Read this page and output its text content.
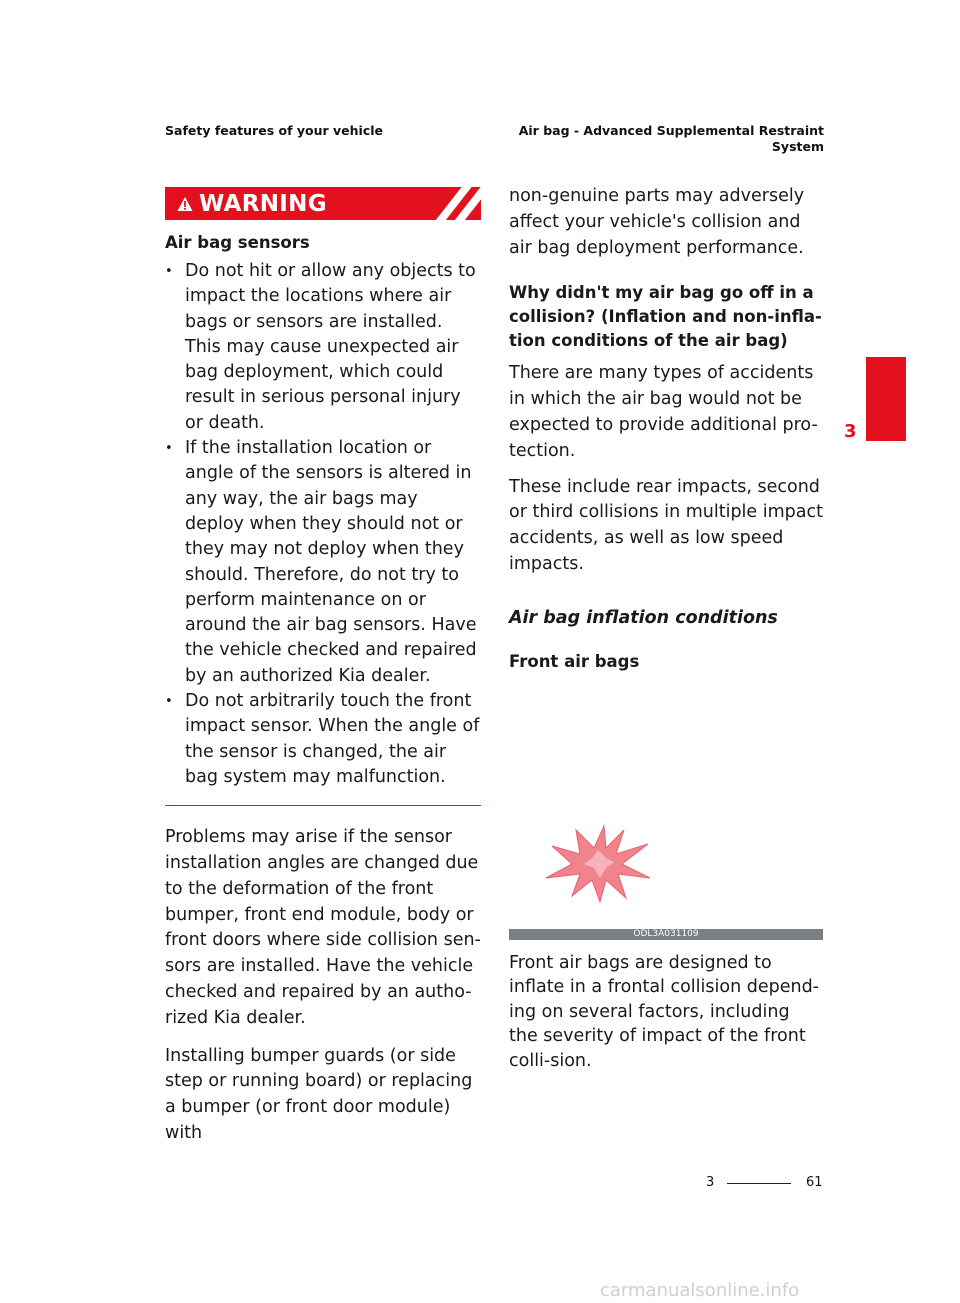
Safety features of your vehicle	Air bag - Advanced Supplemental Restraint
System
3
WARNING
Air bag sensors
• Do not hit or allow any objects to impact the locations where air bags or sensors are installed. This may cause unexpected air bag deployment, which could result in serious personal injury or death.
• If the installation location or angle of the sensors is altered in any way, the air bags may deploy when they should not or they may not deploy when they should. Therefore, do not try to perform maintenance on or around the air bag sensors. Have the vehicle checked and repaired by an authorized Kia dealer.
• Do not arbitrarily touch the front impact sensor. When the angle of the sensor is changed, the air bag system may malfunction.

Problems may arise if the sensor installation angles are changed due to the deformation of the front bumper, front end module, body or front doors where side collision sen-sors are installed. Have the vehicle checked and repaired by an autho-rized Kia dealer.

Installing bumper guards (or side step or running board) or replacing a bumper (or front door module) with

non-genuine parts may adversely affect your vehicle's collision and air bag deployment performance.

Why didn't my air bag go off in a collision? (Inflation and non-infla-tion conditions of the air bag)

There are many types of accidents in which the air bag would not be expected to provide additional pro-tection.

These include rear impacts, second or third collisions in multiple impact accidents, as well as low speed impacts.

Air bag inflation conditions

Front air bags

ODL3A031109

Front air bags are designed to inflate in a frontal collision depend-ing on several factors, including the severity of impact of the front colli-sion.

3	61
carmanualsonline.info
